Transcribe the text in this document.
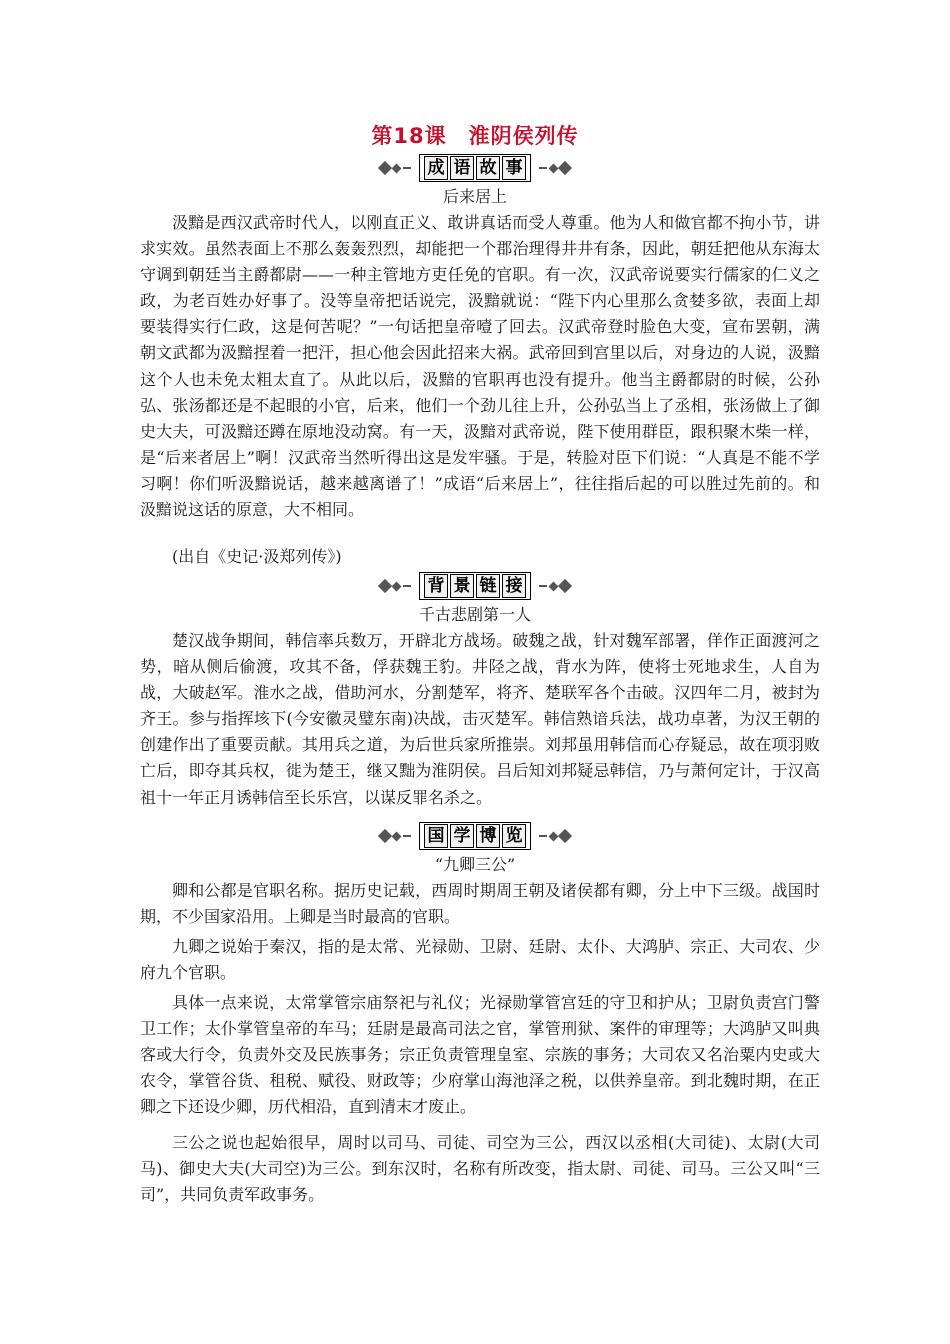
第18课　淮阴侯列传
成 语 故 事
后来居上

汲黯是西汉武帝时代人，以刚直正义、敢讲真话而受人尊重。他为人和做官都不拘小节，讲求实效。虽然表面上不那么轰轰烈烈，却能把一个郡治理得井井有条，因此，朝廷把他从东海太守调到朝廷当主爵都尉——一种主管地方吏任免的官职。有一次，汉武帝说要实行儒家的仁义之政，为老百姓办好事了。没等皇帝把话说完，汲黯就说：“陛下内心里那么贪婪多欲，表面上却要装得实行仁政，这是何苦呢？”一句话把皇帝噎了回去。汉武帝登时脸色大变，宣布罢朝，满朝文武都为汲黯捏着一把汗，担心他会因此招来大祸。武帝回到宫里以后，对身边的人说，汲黯这个人也未免太粗太直了。从此以后，汲黯的官职再也没有提升。他当主爵都尉的时候，公孙弘、张汤都还是不起眼的小官，后来，他们一个劲儿往上升，公孙弘当上了丞相，张汤做上了御史大夫，可汲黯还蹲在原地没动窝。有一天，汲黯对武帝说，陛下使用群臣，跟积聚木柴一样，是“后来者居上”啊！汉武帝当然听得出这是发牢骚。于是，转脸对臣下们说：“人真是不能不学习啊！你们听汲黯说话，越来越离谱了！”成语“后来居上”，往往指后起的可以胜过先前的。和汲黯说这话的原意，大不相同。

(出自《史记·汲郑列传》)
背 景 链 接
千古悲剧第一人

楚汉战争期间，韩信率兵数万，开辟北方战场。破魏之战，针对魏军部署，佯作正面渡河之势，暗从侧后偷渡，攻其不备，俘获魏王豹。井陉之战，背水为阵，使将士死地求生，人自为战，大破赵军。淮水之战，借助河水，分割楚军，将齐、楚联军各个击破。汉四年二月，被封为齐王。参与指挥垓下(今安徽灵璧东南)决战，击灭楚军。韩信熟谙兵法，战功卓著，为汉王朝的创建作出了重要贡献。其用兵之道，为后世兵家所推崇。刘邦虽用韩信而心存疑忌，故在项羽败亡后，即夺其兵权，徙为楚王，继又黜为淮阴侯。吕后知刘邦疑忌韩信，乃与萧何定计，于汉高祖十一年正月诱韩信至长乐宫，以谋反罪名杀之。

国 学 博 览
“九卿三公”

卿和公都是官职名称。据历史记载，西周时期周王朝及诸侯都有卿，分上中下三级。战国时期，不少国家沿用。上卿是当时最高的官职。

九卿之说始于秦汉，指的是太常、光禄勋、卫尉、廷尉、太仆、大鸿胪、宗正、大司农、少府九个官职。

具体一点来说，太常掌管宗庙祭祀与礼仪；光禄勋掌管宫廷的守卫和护从；卫尉负责宫门警卫工作；太仆掌管皇帝的车马；廷尉是最高司法之官，掌管刑狱、案件的审理等；大鸿胪又叫典客或大行令，负责外交及民族事务；宗正负责管理皇室、宗族的事务；大司农又名治粟内史或大农令，掌管谷货、租税、赋役、财政等；少府掌山海池泽之税，以供养皇帝。到北魏时期，在正卿之下还设少卿，历代相沿，直到清末才废止。

三公之说也起始很早，周时以司马、司徒、司空为三公，西汉以丞相(大司徒)、太尉(大司马)、御史大夫(大司空)为三公。到东汉时，名称有所改变，指太尉、司徒、司马。三公又叫“三司”，共同负责军政事务。
